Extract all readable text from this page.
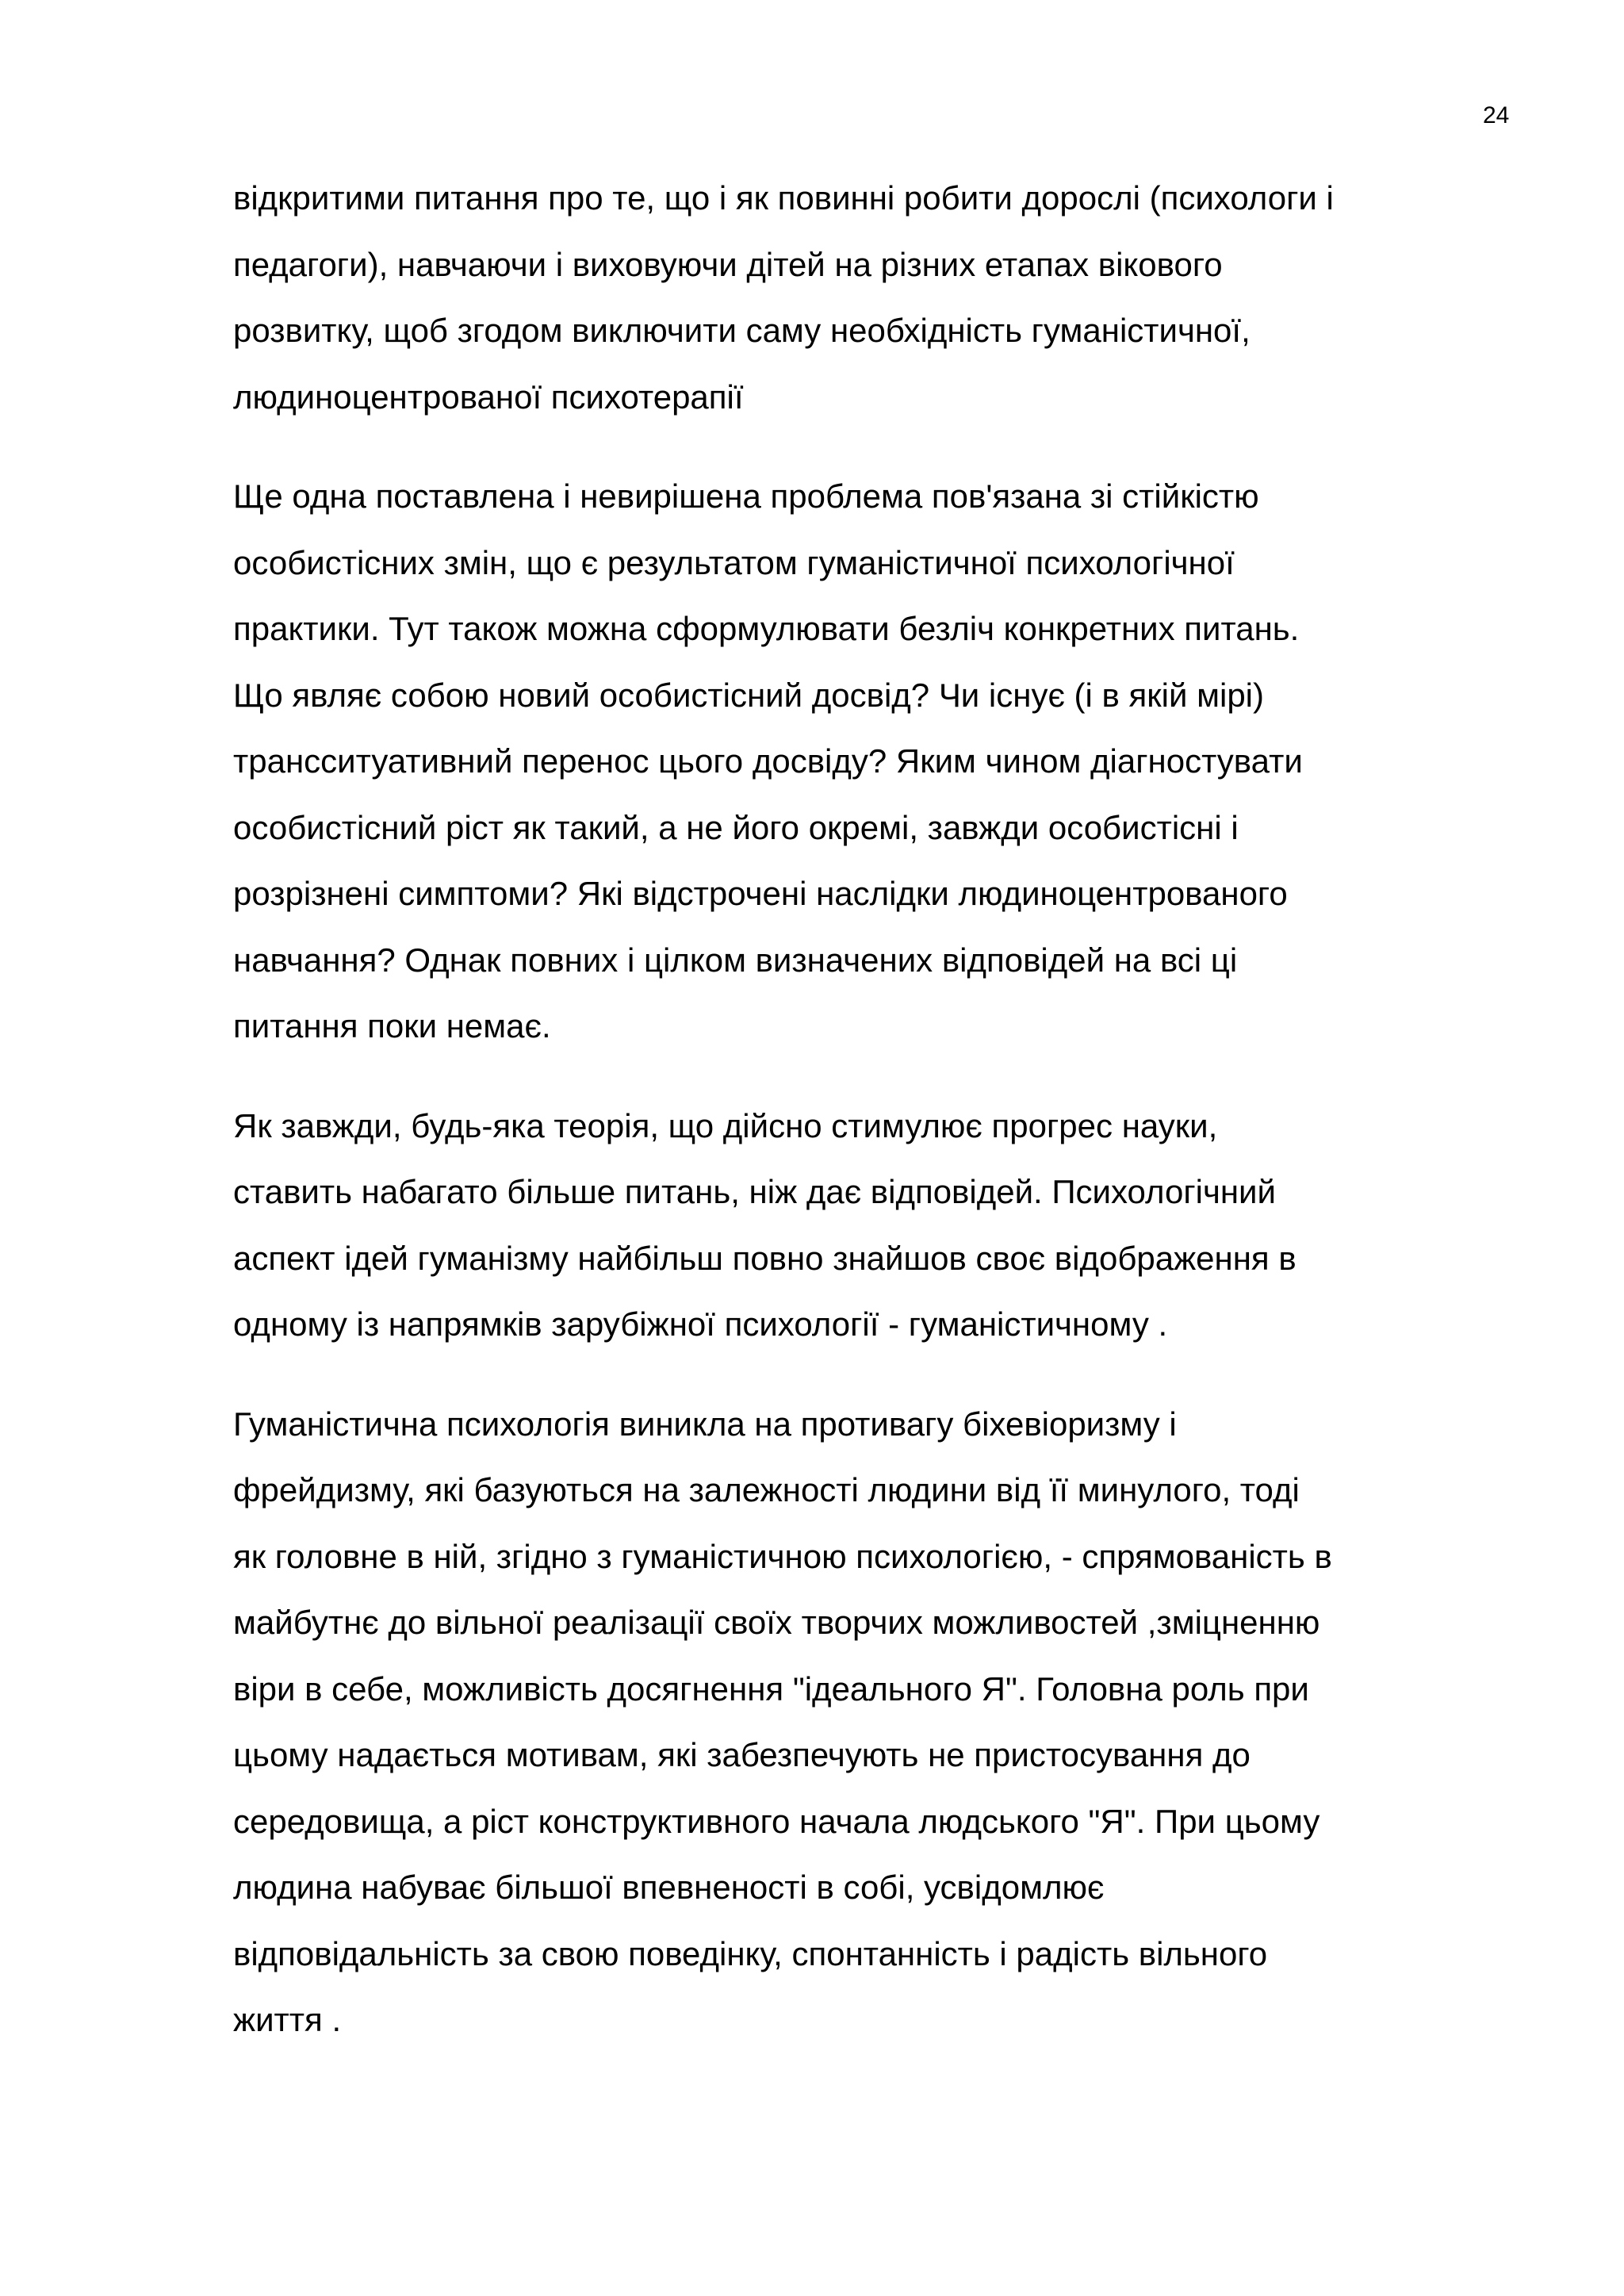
24

відкритими питання про те, що і як повинні робити дорослі (психологи і
педагоги), навчаючи і виховуючи дітей на різних етапах вікового
розвитку, щоб згодом виключити саму необхідність гуманістичної,
людиноцентрованої психотерапії

Ще одна поставлена і невирішена проблема пов'язана зі стійкістю
особистісних змін, що є результатом гуманістичної психологічної
практики. Тут також можна сформулювати безліч конкретних питань.
Що являє собою новий особистісний досвід? Чи існує (і в якій мірі)
трансситуативний перенос цього досвіду? Яким чином діагностувати
особистісний ріст як такий, а не його окремі, завжди особистісні і
розрізнені симптоми? Які відстрочені наслідки людиноцентрованого
навчання? Однак повних і цілком визначених відповідей на всі ці
питання поки немає.

Як завжди, будь-яка теорія, що дійсно стимулює прогрес науки,
ставить набагато більше питань, ніж дає відповідей. Психологічний
аспект ідей гуманізму найбільш повно знайшов своє відображення в
одному із напрямків зарубіжної психології - гуманістичному .

Гуманістична психологія виникла на противагу біхевіоризму і
фрейдизму, які базуються на залежності людини від її минулого, тоді
як головне в ній, згідно з гуманістичною психологією, - спрямованість в
майбутнє до вільної реалізації своїх творчих можливостей ,зміцненню
віри в себе, можливість досягнення "ідеального Я". Головна роль при
цьому надається мотивам, які забезпечують не пристосування до
середовища, а ріст конструктивного начала людського "Я". При цьому
людина набуває більшої впевненості в собі, усвідомлює
відповідальність за свою поведінку, спонтанність і радість вільного
життя .
